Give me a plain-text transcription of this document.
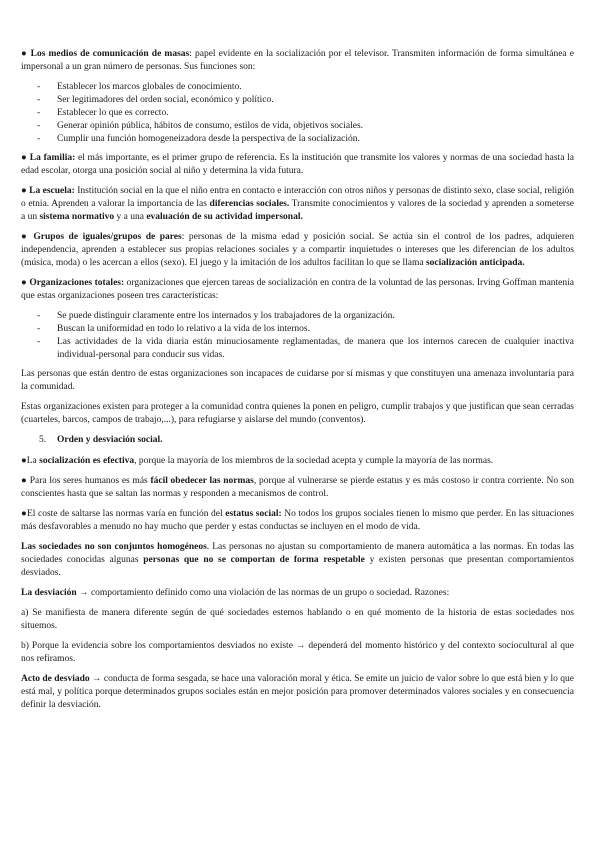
● Los medios de comunicación de masas: papel evidente en la socialización por el televisor. Transmiten información de forma simultánea e impersonal a un gran número de personas. Sus funciones son:

- Establecer los marcos globales de conocimiento.
- Ser legitimadores del orden social, económico y político.
- Establecer lo que es correcto.
- Generar opinión pública, hábitos de consumo, estilos de vida, objetivos sociales.
- Cumplir una función homogeneizadora desde la perspectiva de la socialización.

● La familia: el más importante, es el primer grupo de referencia. Es la institución que transmite los valores y normas de una sociedad hasta la edad escolar, otorga una posición social al niño y determina la vida futura.

● La escuela: Institución social en la que el niño entra en contacto e interacción con otros niños y personas de distinto sexo, clase social, religión o etnia. Aprenden a valorar la importancia de las diferencias sociales. Transmite conocimientos y valores de la sociedad y aprenden a someterse a un sistema normativo y a una evaluación de su actividad impersonal.

● Grupos de iguales/grupos de pares: personas de la misma edad y posición social. Se actúa sin el control de los padres, adquieren independencia, aprenden a establecer sus propias relaciones sociales y a compartir inquietudes o intereses que les diferencian de los adultos (música, moda) o les acercan a ellos (sexo). El juego y la imitación de los adultos facilitan lo que se llama socialización anticipada.

● Organizaciones totales: organizaciones que ejercen tareas de socialización en contra de la voluntad de las personas. Irving Goffman mantenía que estas organizaciones poseen tres características:

- Se puede distinguir claramente entre los internados y los trabajadores de la organización.
- Buscan la uniformidad en todo lo relativo a la vida de los internos.
- Las actividades de la vida diaria están minuciosamente reglamentadas, de manera que los internos carecen de cualquier inactiva individual-personal para conducir sus vidas.

Las personas que están dentro de estas organizaciones son incapaces de cuidarse por sí mismas y que constituyen una amenaza involuntaria para la comunidad.

Estas organizaciones existen para proteger a la comunidad contra quienes la ponen en peligro, cumplir trabajos y que justifican que sean cerradas (cuarteles, barcos, campos de trabajo,...), para refugiarse y aislarse del mundo (conventos).

5. Orden y desviación social.

●La socialización es efectiva, porque la mayoría de los miembros de la sociedad acepta y cumple la mayoría de las normas.

● Para los seres humanos es más fácil obedecer las normas, porque al vulnerarse se pierde estatus y es más costoso ir contra corriente. No son conscientes hasta que se saltan las normas y responden a mecanismos de control.

●El coste de saltarse las normas varía en función del estatus social: No todos los grupos sociales tienen lo mismo que perder. En las situaciones más desfavorables a menudo no hay mucho que perder y estas conductas se incluyen en el modo de vida.

Las sociedades no son conjuntos homogéneos. Las personas no ajustan su comportamiento de manera automática a las normas. En todas las sociedades conocidas algunas personas que no se comportan de forma respetable y existen personas que presentan comportamientos desviados.

La desviación → comportamiento definido como una violación de las normas de un grupo o sociedad. Razones:

a) Se manifiesta de manera diferente según de qué sociedades estemos hablando o en qué momento de la historia de estas sociedades nos situemos.

b) Porque la evidencia sobre los comportamientos desviados no existe → dependerá del momento histórico y del contexto sociocultural al que nos refiramos.

Acto de desviado → conducta de forma sesgada, se hace una valoración moral y ética. Se emite un juicio de valor sobre lo que está bien y lo que está mal, y política porque determinados grupos sociales están en mejor posición para promover determinados valores sociales y en consecuencia definir la desviación.
